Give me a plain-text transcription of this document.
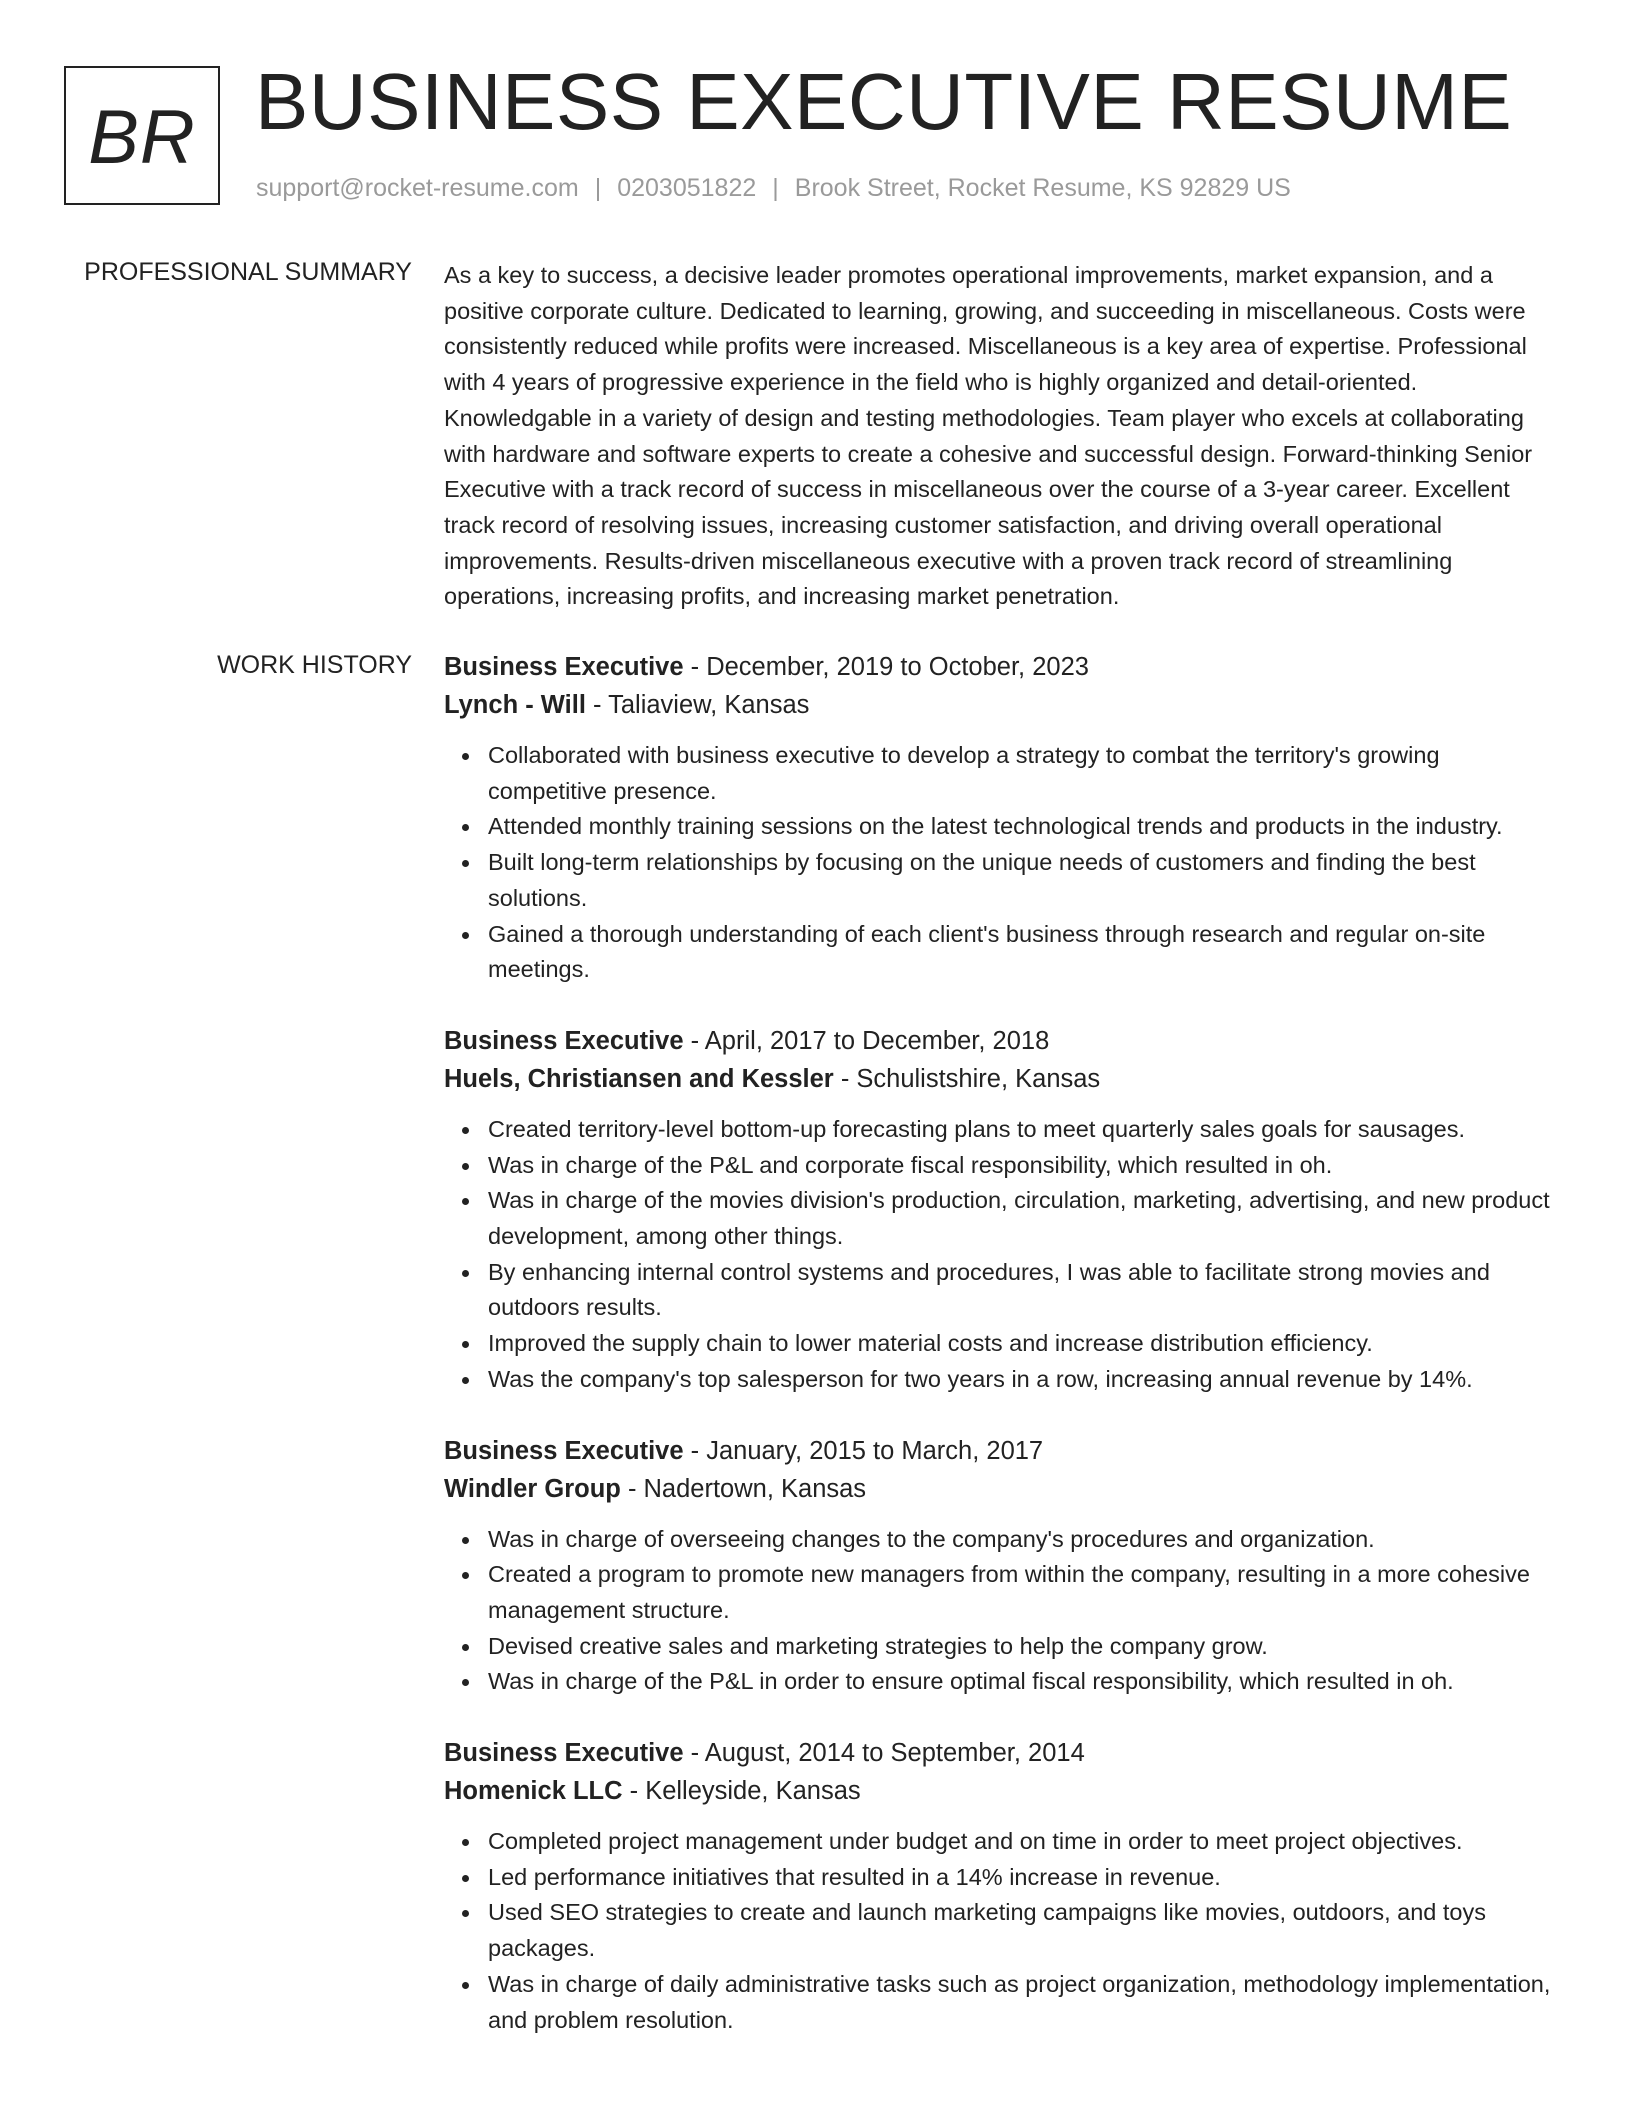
BR BUSINESS EXECUTIVE RESUME
support@rocket-resume.com | 0203051822 | Brook Street, Rocket Resume, KS 92829 US
PROFESSIONAL SUMMARY As a key to success, a decisive leader promotes operational improvements, market expansion, and a positive corporate culture. Dedicated to learning, growing, and succeeding in miscellaneous. Costs were consistently reduced while profits were increased. Miscellaneous is a key area of expertise. Professional with 4 years of progressive experience in the field who is highly organized and detail-oriented. Knowledgable in a variety of design and testing methodologies. Team player who excels at collaborating with hardware and software experts to create a cohesive and successful design. Forward-thinking Senior Executive with a track record of success in miscellaneous over the course of a 3-year career. Excellent track record of resolving issues, increasing customer satisfaction, and driving overall operational improvements. Results-driven miscellaneous executive with a proven track record of streamlining operations, increasing profits, and increasing market penetration.

WORK HISTORY Business Executive - December, 2019 to October, 2023
Lynch - Will - Taliaview, Kansas
Collaborated with business executive to develop a strategy to combat the territory's growing competitive presence.
Attended monthly training sessions on the latest technological trends and products in the industry.
Built long-term relationships by focusing on the unique needs of customers and finding the best solutions.
Gained a thorough understanding of each client's business through research and regular on-site meetings.
Business Executive - April, 2017 to December, 2018
Huels, Christiansen and Kessler - Schulistshire, Kansas
Created territory-level bottom-up forecasting plans to meet quarterly sales goals for sausages.
Was in charge of the P&L and corporate fiscal responsibility, which resulted in oh.
Was in charge of the movies division's production, circulation, marketing, advertising, and new product development, among other things.
By enhancing internal control systems and procedures, I was able to facilitate strong movies and outdoors results.
Improved the supply chain to lower material costs and increase distribution efficiency.
Was the company's top salesperson for two years in a row, increasing annual revenue by 14%.
Business Executive - January, 2015 to March, 2017
Windler Group - Nadertown, Kansas
Was in charge of overseeing changes to the company's procedures and organization.
Created a program to promote new managers from within the company, resulting in a more cohesive management structure.
Devised creative sales and marketing strategies to help the company grow.
Was in charge of the P&L in order to ensure optimal fiscal responsibility, which resulted in oh.
Business Executive - August, 2014 to September, 2014
Homenick LLC - Kelleyside, Kansas
Completed project management under budget and on time in order to meet project objectives.
Led performance initiatives that resulted in a 14% increase in revenue.
Used SEO strategies to create and launch marketing campaigns like movies, outdoors, and toys packages.
Was in charge of daily administrative tasks such as project organization, methodology implementation, and problem resolution.
